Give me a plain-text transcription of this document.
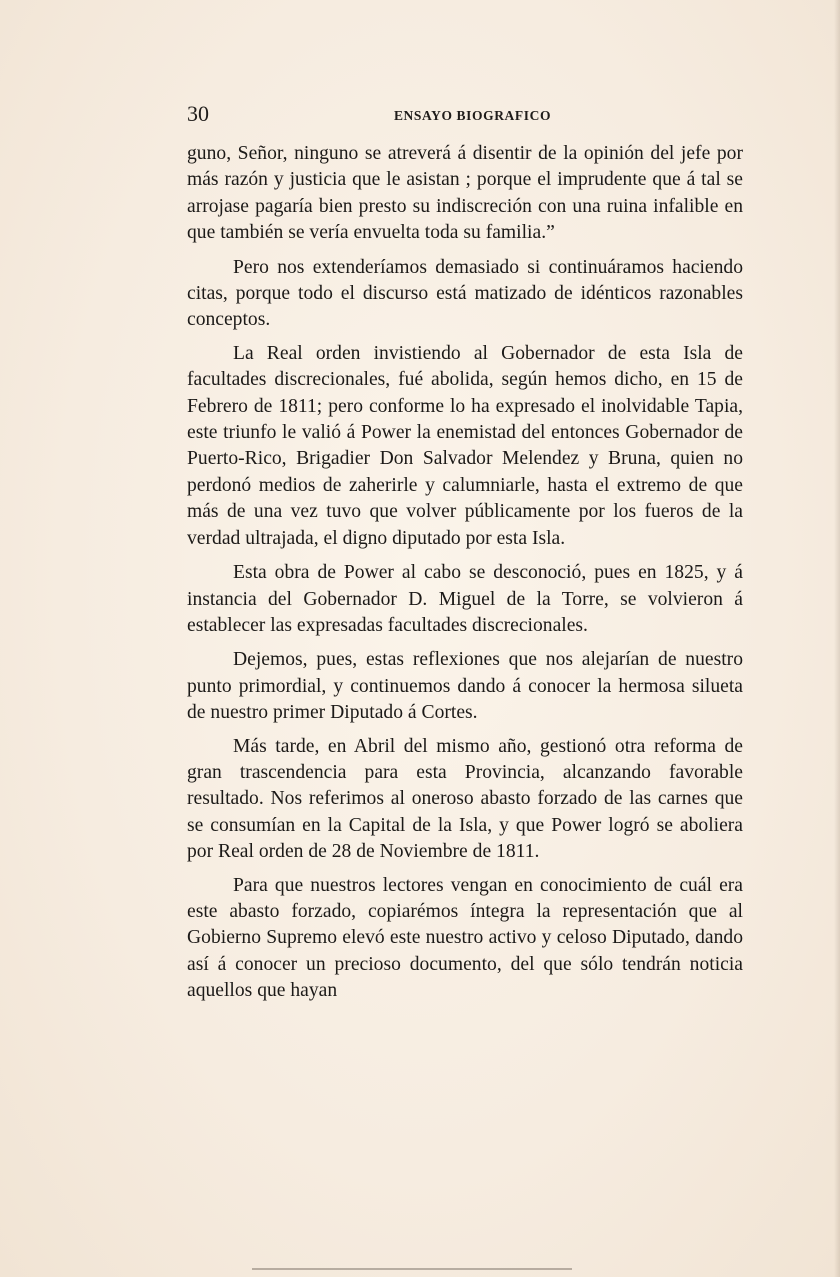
30	ENSAYO BIOGRAFICO

guno, Señor, ninguno se atreverá á disentir de la opinión del jefe por más razón y justicia que le asistan ; porque el imprudente que á tal se arrojase pagaría bien presto su indiscreción con una ruina infalible en que también se vería envuelta toda su familia.”

Pero nos extenderíamos demasiado si continuáramos haciendo citas, porque todo el discurso está matizado de idénticos razonables conceptos.

La Real orden invistiendo al Gobernador de esta Isla de facultades discrecionales, fué abolida, según hemos dicho, en 15 de Febrero de 1811; pero conforme lo ha expresado el inolvidable Tapia, este triunfo le valió á Power la enemistad del entonces Gobernador de Puerto-Rico, Brigadier Don Salvador Melendez y Bruna, quien no perdonó medios de zaherirle y calumniarle, hasta el extremo de que más de una vez tuvo que volver públicamente por los fueros de la verdad ultrajada, el digno diputado por esta Isla.

Esta obra de Power al cabo se desconoció, pues en 1825, y á instancia del Gobernador D. Miguel de la Torre, se volvieron á establecer las expresadas facultades discrecionales.

Dejemos, pues, estas reflexiones que nos alejarían de nuestro punto primordial, y continuemos dando á conocer la hermosa silueta de nuestro primer Diputado á Cortes.

Más tarde, en Abril del mismo año, gestionó otra reforma de gran trascendencia para esta Provincia, alcanzando favorable resultado. Nos referimos al oneroso abasto forzado de las carnes que se consumían en la Capital de la Isla, y que Power logró se aboliera por Real orden de 28 de Noviembre de 1811.

Para que nuestros lectores vengan en conocimiento de cuál era este abasto forzado, copiarémos íntegra la representación que al Gobierno Supremo elevó este nuestro activo y celoso Diputado, dando así á conocer un precioso documento, del que sólo tendrán noticia aquellos que hayan
